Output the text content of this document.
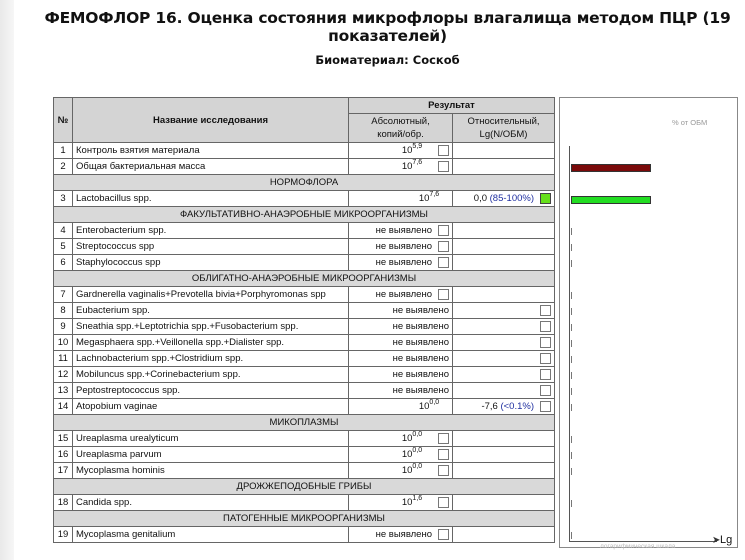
ФЕМОФЛОР 16. Оценка состояния микрофлоры влагалища методом ПЦР (19 показателей)
Биоматериал: Соскоб
№	Название исследования	Результат	
		Абсолютный, копий/обр.	Относительный, Lg(N/ОБМ)
1	Контроль взятия материала	10$^{5,9}$	
2	Общая бактериальная масса	10$^{7,6}$	
НОРМОФЛОРА			
3	Lactobacillus spp.	10$^{7,6}$	0,0 (85-100%)
ФАКУЛЬТАТИВНО-АНАЭРОБНЫЕ МИКРООРГАНИЗМЫ			
4	Enterobacterium spp.	не выявлено	
5	Streptococcus spp	не выявлено	
6	Staphylococcus spp	не выявлено	
ОБЛИГАТНО-АНАЭРОБНЫЕ МИКРООРГАНИЗМЫ			
7	Gardnerella vaginalis+Prevotella bivia+Porphyromonas spp	не выявлено	
8	Eubacterium spp.	не выявлено	
9	Sneathia spp.+Leptotrichia spp.+Fusobacterium spp.	не выявлено	
10	Megasphaera spp.+Veillonella spp.+Dialister spp.	не выявлено	
11	Lachnobacterium spp.+Clostridium spp.	не выявлено	
12	Mobiluncus spp.+Corinebacterium spp.	не выявлено	
13	Peptostreptococcus spp.	не выявлено	
14	Atopobium vaginae	10$^{0,0}$	-7,6 (<0.1%)
МИКОПЛАЗМЫ			
15	Ureaplasma urealyticum	10$^{0,0}$	
16	Ureaplasma parvum	10$^{0,0}$	
17	Mycoplasma hominis	10$^{0,0}$	
ДРОЖЖЕПОДОБНЫЕ ГРИБЫ			
18	Candida spp.	10$^{1,6}$	
ПАТОГЕННЫЕ МИКРООРГАНИЗМЫ			
19	Mycoplasma genitalium	не выявлено	
% от ОБМ
➤ Lg
логарифмическая шкала
